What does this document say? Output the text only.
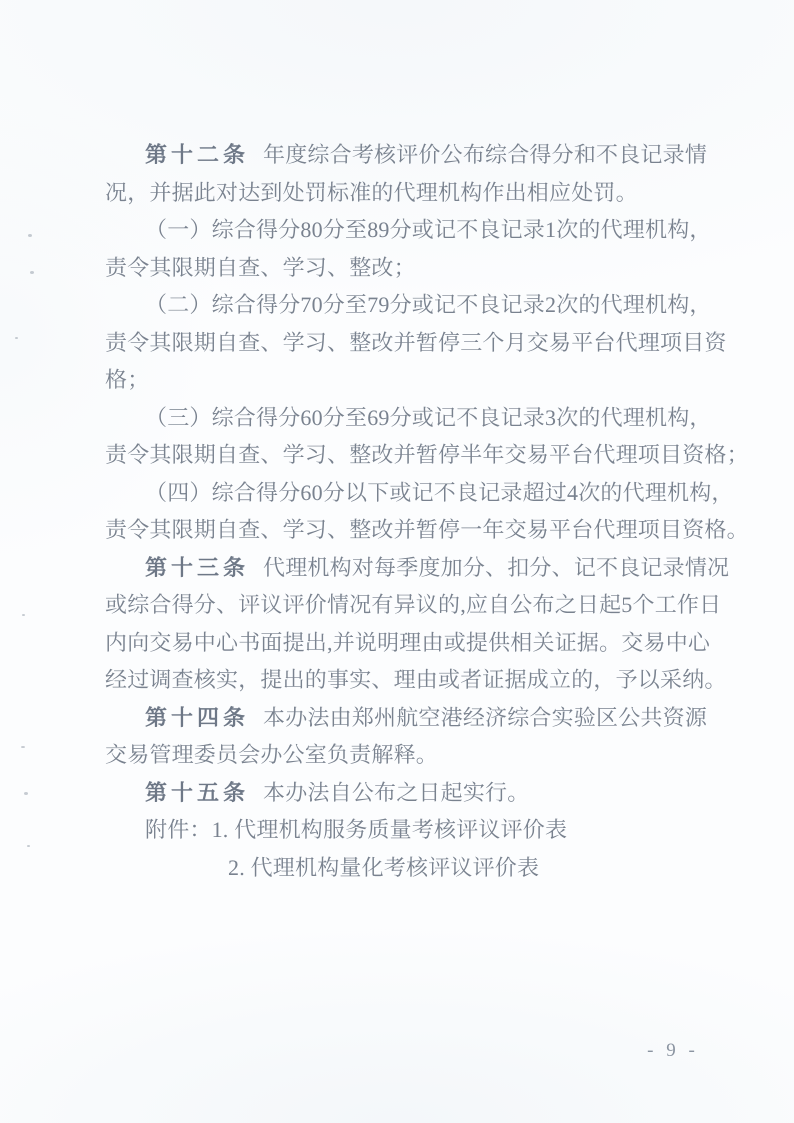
第十二条 年度综合考核评价公布综合得分和不良记录情
况，并据此对达到处罚标准的代理机构作出相应处罚。
（一）综合得分80分至89分或记不良记录1次的代理机构，
责令其限期自查、学习、整改；
（二）综合得分70分至79分或记不良记录2次的代理机构，
责令其限期自查、学习、整改并暂停三个月交易平台代理项目资
格；
（三）综合得分60分至69分或记不良记录3次的代理机构，
责令其限期自查、学习、整改并暂停半年交易平台代理项目资格；
（四）综合得分60分以下或记不良记录超过4次的代理机构，
责令其限期自查、学习、整改并暂停一年交易平台代理项目资格。
第十三条 代理机构对每季度加分、扣分、记不良记录情况
或综合得分、评议评价情况有异议的,应自公布之日起5个工作日
内向交易中心书面提出,并说明理由或提供相关证据。交易中心
经过调查核实，提出的事实、理由或者证据成立的，予以采纳。
第十四条 本办法由郑州航空港经济综合实验区公共资源
交易管理委员会办公室负责解释。
第十五条 本办法自公布之日起实行。
附件：1. 代理机构服务质量考核评议评价表
2. 代理机构量化考核评议评价表
- 9 -
